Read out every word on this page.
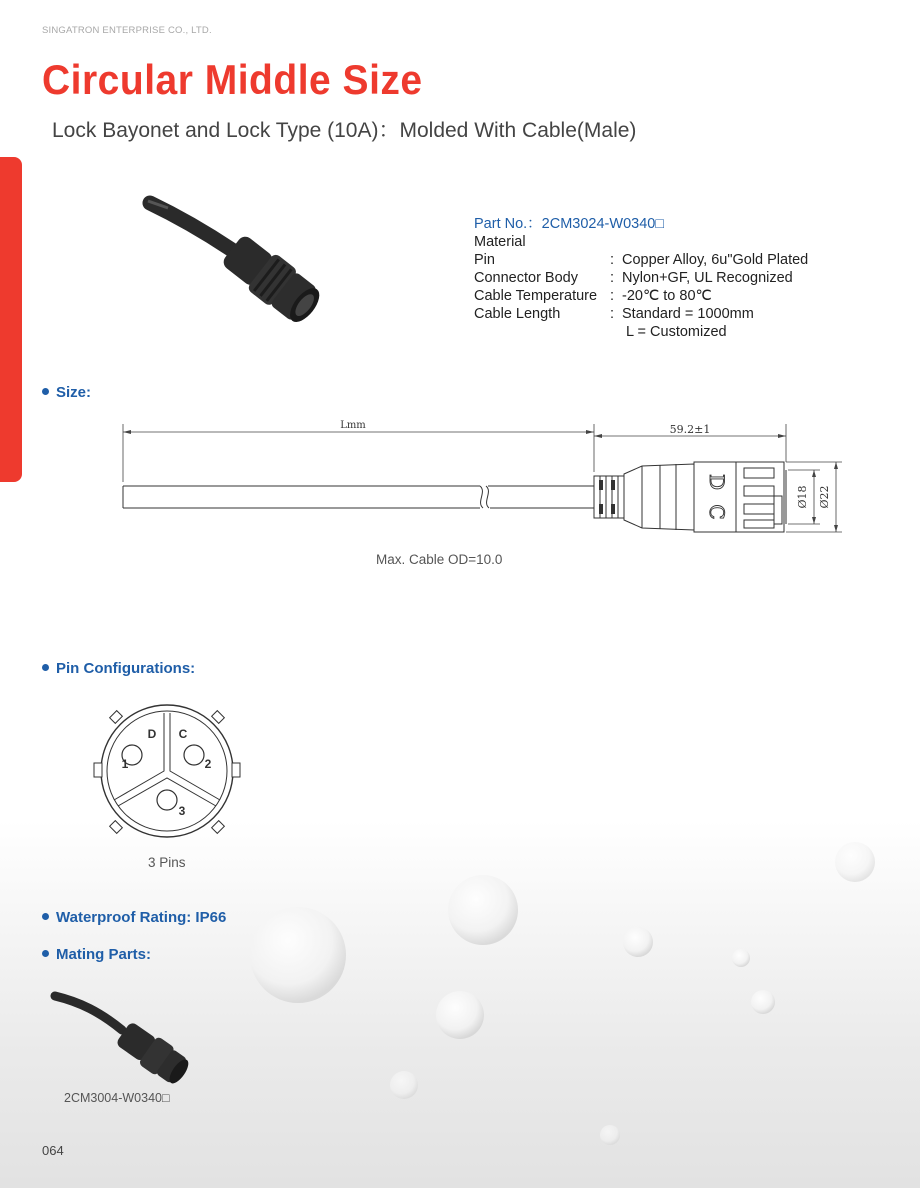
SINGATRON ENTERPRISE CO., LTD.
Circular Middle Size
Lock Bayonet and Lock Type (10A)：Molded With Cable(Male)
Part No.：2CM3024-W0340□
Material
Pin	: Copper Alloy, 6u"Gold Plated
Connector Body	: Nylon+GF, UL Recognized
Cable Temperature : -20℃ to 80℃
Cable Length	: Standard = 1000mm
L = Customized
Size:
Lmm	59.2±1
D
C
Ø18 Ø22
Max. Cable OD=10.0
Pin Configurations:
D C
1	2
3
3 Pins
Waterproof Rating: IP66
Mating Parts:
2CM3004-W0340□
064
